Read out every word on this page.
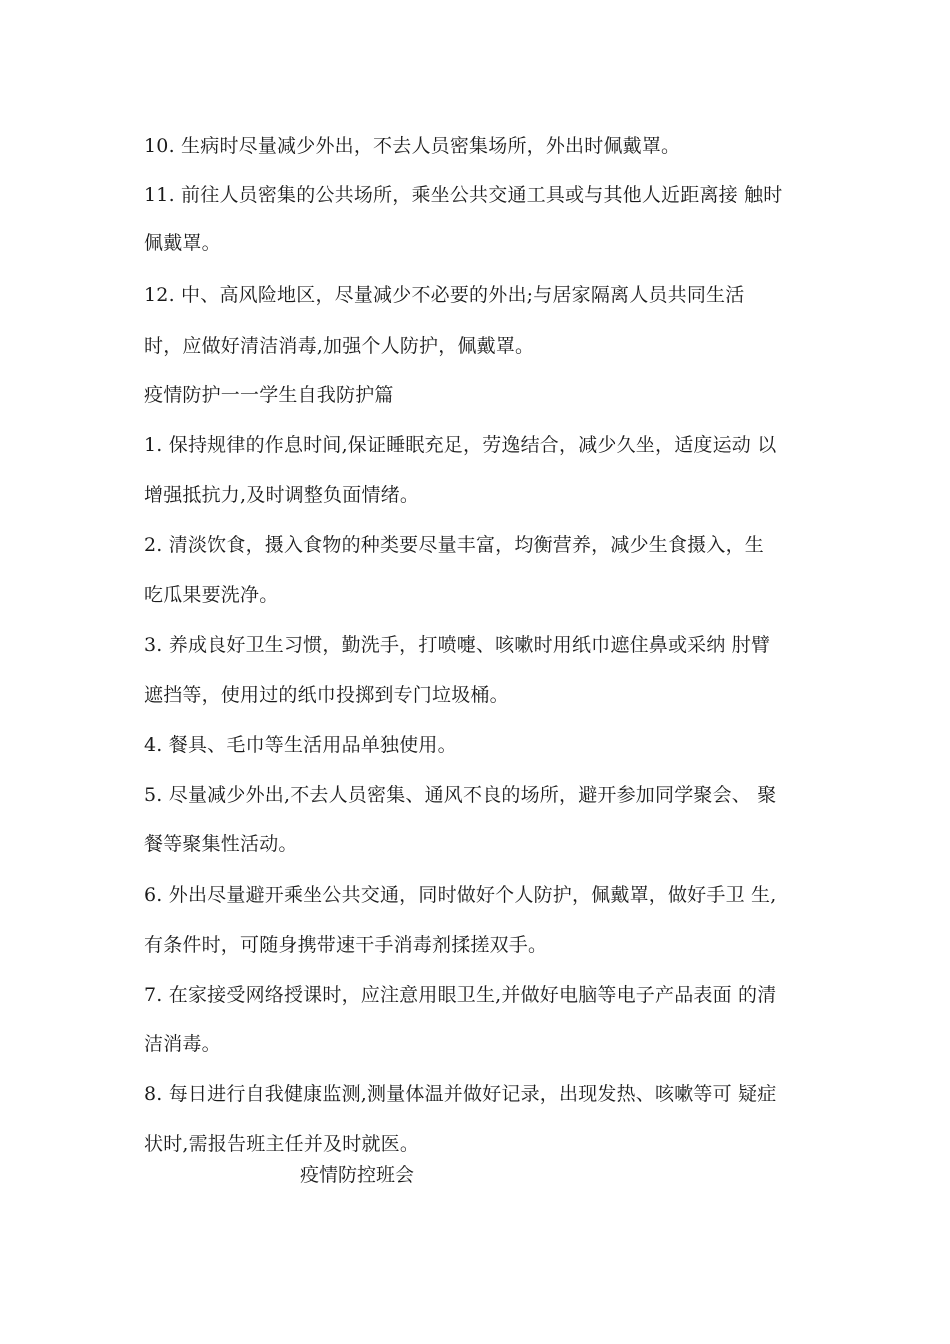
10. 生病时尽量减少外出，不去人员密集场所，外出时佩戴罩。
11. 前往人员密集的公共场所，乘坐公共交通工具或与其他人近距离接 触时
佩戴罩。
12. 中、高风险地区，尽量减少不必要的外出;与居家隔离人员共同生活
时，应做好清洁消毒,加强个人防护，佩戴罩。
疫情防护一一学生自我防护篇
1. 保持规律的作息时间,保证睡眠充足，劳逸结合，减少久坐，适度运动 以
增强抵抗力,及时调整负面情绪。
2. 清淡饮食，摄入食物的种类要尽量丰富，均衡营养，减少生食摄入，生
吃瓜果要洗净。
3. 养成良好卫生习惯，勤洗手，打喷嚏、咳嗽时用纸巾遮住鼻或采纳 肘臂
遮挡等，使用过的纸巾投掷到专门垃圾桶。
4. 餐具、毛巾等生活用品单独使用。
5. 尽量减少外出,不去人员密集、通风不良的场所，避开参加同学聚会、 聚
餐等聚集性活动。
6. 外出尽量避开乘坐公共交通，同时做好个人防护，佩戴罩，做好手卫 生,
有条件时，可随身携带速干手消毒剂揉搓双手。
7. 在家接受网络授课时，应注意用眼卫生,并做好电脑等电子产品表面 的清
洁消毒。
8. 每日进行自我健康监测,测量体温并做好记录，出现发热、咳嗽等可 疑症
状时,需报告班主任并及时就医。
疫情防控班会
